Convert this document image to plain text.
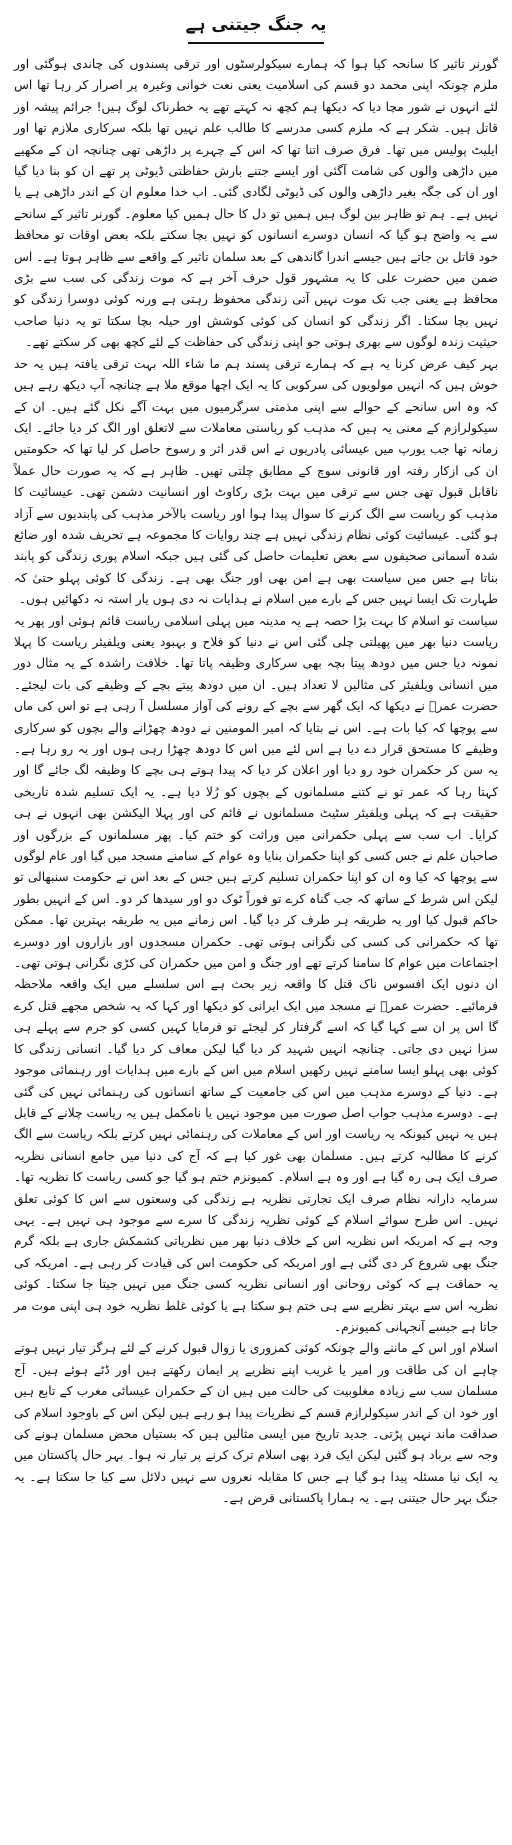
یہ جنگ جیتنی ہے

گورنر تاثیر کا سانحہ کیا ہوا کہ ہمارے سیکولرسٹوں اور ترقی پسندوں کی چاندی ہوگئی اور ملزم چونکہ اپنی محمد دو قسم کی اسلامیت یعنی نعت خوانی وغیرہ پر اصرار کر رہا تھا اس لئے انہوں نے شور مچا دیا کہ دیکھا ہم کچھ نہ کہتے تھے یہ خطرناک لوگ ہیں! جرائم پیشہ اور قاتل ہیں۔ شکر ہے کہ ملزم کسی مدرسے کا طالب علم نہیں تھا بلکہ سرکاری ملازم تھا اور ایلیٹ پولیس میں تھا۔ فرق صرف اتنا تھا کہ اس کے چہرے پر داڑھی تھی چنانچہ ان کے مکھیے میں داڑھی والوں کی شامت آگئی اور ایسے جتنے بارش حفاظتی ڈیوٹی پر تھے ان کو بنا دیا گیا اور ان کی جگہ بغیر داڑھی والوں کی ڈیوٹی لگادی گئی۔ اب خدا معلوم ان کے اندر داڑھی ہے یا نہیں ہے۔ ہم تو ظاہر بین لوگ ہیں ہمیں تو دل کا حال ہمیں کیا معلوم۔ گورنر تاثیر کے سانحے سے یہ واضح ہو گیا کہ انسان دوسرے انسانوں کو نہیں بچا سکتے بلکہ بعض اوقات تو محافظ خود قاتل بن جاتے ہیں جیسے اندرا گاندھی کے بعد سلمان تاثیر کے واقعے سے ظاہر ہوتا ہے۔ اس ضمن میں حضرت علی کا یہ مشہور قول حرف آخر ہے کہ موت زندگی کی سب سے بڑی محافظ ہے یعنی جب تک موت نہیں آتی زندگی محفوظ رہتی ہے ورنہ کوئی دوسرا زندگی کو نہیں بچا سکتا۔ اگر زندگی کو انسان کی کوئی کوشش اور حیلہ بچا سکتا تو یہ دنیا صاحب حیثیت زندہ لوگوں سے بھری ہوتی جو اپنی زندگی کی حفاظت کے لئے کچھ بھی کر سکتے تھے۔

بہر کیف عرض کرنا یہ ہے کہ ہمارے ترقی پسند ہم ما شاء اللہ بہت ترقی یافتہ ہیں یہ حد خوش ہیں کہ انہیں مولویوں کی سرکوبی کا یہ ایک اچھا موقع ملا ہے چنانچہ آپ دیکھ رہے ہیں کہ وہ اس سانحے کے حوالے سے اپنی مذمتی سرگرمیوں میں بہت آگے نکل گئے ہیں۔ ان کے سیکولرازم کے معنی یہ ہیں کہ مذہب کو ریاستی معاملات سے لاتعلق اور الگ کر دیا جائے۔ ایک زمانہ تھا جب یورپ میں عیسائی پادریوں نے اس قدر اثر و رسوخ حاصل کر لیا تھا کہ حکومتیں ان کی ازکار رفتہ اور قانونی سوچ کے مطابق چلتی تھیں۔ ظاہر ہے کہ یہ صورت حال عملاً ناقابل قبول تھی جس سے ترقی میں بہت بڑی رکاوٹ اور انسانیت دشمن تھی۔ عیسائیت کا مذہب کو ریاست سے الگ کرنے کا سوال پیدا ہوا اور ریاست بالآخر مذہب کی پابندیوں سے آزاد ہو گئی۔ عیسائیت کوئی نظام زندگی نہیں ہے چند روایات کا مجموعہ ہے تحریف شدہ اور ضائع شدہ آسمانی صحیفوں سے بعض تعلیمات حاصل کی گئی ہیں جبکہ اسلام پوری زندگی کو پابند بناتا ہے جس میں سیاست بھی ہے امن بھی اور جنگ بھی ہے۔ زندگی کا کوئی پہلو حتیٰ کہ طہارت تک ایسا نہیں جس کے بارے میں اسلام نے ہدایات نہ دی ہوں یار استہ نہ دکھائیں ہوں۔

سیاست تو اسلام کا بہت بڑا حصہ ہے یہ مدینہ میں پہلی اسلامی ریاست قائم ہوئی اور پھر یہ ریاست دنیا بھر میں پھیلتی چلی گئی اس نے دنیا کو فلاح و بہبود یعنی ویلفیئر ریاست کا پہلا نمونہ دیا جس میں دودھ پیتا بچہ بھی سرکاری وظیفہ پاتا تھا۔ خلافت راشدہ کے یہ مثال دور میں انسانی ویلفیئر کی مثالیں لا تعداد ہیں۔ ان میں دودھ پیتے بچے کے وظیفے کی بات لیجئے۔ حضرت عمرؓ نے دیکھا کہ ایک گھر سے بچے کے رونے کی آواز مسلسل آ رہی ہے تو اس کی ماں سے پوچھا کہ کیا بات ہے۔ اس نے بتایا کہ امیر المومنین نے دودھ چھڑانے والے بچوں کو سرکاری وظیفے کا مستحق قرار دے دیا ہے اس لئے میں اس کا دودھ چھڑا رہی ہوں اور یہ رو رہا ہے۔ یہ سن کر حکمران خود رو دیا اور اعلان کر دیا کہ پیدا ہوتے ہی بچے کا وظیفہ لگ جائے گا اور کہتا رہا کہ عمر تو نے کتنے مسلمانوں کے بچوں کو رُلا دیا ہے۔ یہ ایک تسلیم شدہ تاریخی حقیقت ہے کہ پہلی ویلفیئر سٹیٹ مسلمانوں نے قائم کی اور پہلا الیکشن بھی انہوں نے ہی کرایا۔ اب سب سے پہلی حکمرانی میں وراثت کو ختم کیا۔ پھر مسلمانوں کے بزرگوں اور صاحبان علم نے جس کسی کو اپنا حکمران بنایا وہ عوام کے سامنے مسجد میں گیا اور عام لوگوں سے پوچھا کہ کیا وہ ان کو اپنا حکمران تسلیم کرتے ہیں جس کے بعد اس نے حکومت سنبھالی تو لیکن اس شرط کے ساتھ کہ جب گناہ کرے تو فوراً ٹوک دو اور سیدھا کر دو۔ اس کے انہیں بطور حاکم قبول کیا اور یہ طریقہ ہر طرف کر دیا گیا۔ اس زمانے میں یہ طریقہ بہترین تھا۔ ممکن تھا کہ حکمرانی کی کسی کی نگرانی ہوتی تھی۔ حکمران مسجدوں اور بازاروں اور دوسرے اجتماعات میں عوام کا سامنا کرتے تھے اور جنگ و امن میں حکمران کی کڑی نگرانی ہوتی تھی۔ ان دنوں ایک افسوس ناک قتل کا واقعہ زیر بحث ہے اس سلسلے میں ایک واقعہ ملاحظہ فرمائیے۔ حضرت عمرؓ نے مسجد میں ایک ایرانی کو دیکھا اور کہا کہ یہ شخص مجھے قتل کرے گا اس پر ان سے کہا گیا کہ اسے گرفتار کر لیجئے تو فرمایا کہیں کسی کو جرم سے پہلے ہی سزا نہیں دی جاتی۔ چنانچہ انہیں شہید کر دیا گیا لیکن معاف کر دیا گیا۔ انسانی زندگی کا کوئی بھی پہلو ایسا سامنے نہیں رکھیں اسلام میں اس کے بارے میں ہدایات اور رہنمائی موجود ہے۔ دنیا کے دوسرے مذہب میں اس کی جامعیت کے ساتھ انسانوں کی رہنمائی نہیں کی گئی ہے۔ دوسرے مذہب جواب اصل صورت میں موجود نہیں یا نامکمل ہیں یہ ریاست چلانے کے قابل ہیں یہ نہیں کیونکہ یہ ریاست اور اس کے معاملات کی رہنمائی نہیں کرتے بلکہ ریاست سے الگ کرنے کا مطالبہ کرتے ہیں۔ مسلمان بھی غور کیا ہے کہ آج کی دنیا میں جامع انسانی نظریہ صرف ایک ہی رہ گیا ہے اور وہ ہے اسلام۔ کمیونزم ختم ہو گیا جو کسی ریاست کا نظریہ تھا۔ سرمایہ دارانہ نظام صرف ایک تجارتی نظریہ ہے زندگی کی وسعتوں سے اس کا کوئی تعلق نہیں۔ اس طرح سوائے اسلام کے کوئی نظریہ زندگی کا سرے سے موجود ہی نہیں ہے۔ یہی وجہ ہے کہ امریکہ اس نظریہ اس کے خلاف دنیا بھر میں نظریاتی کشمکش جاری ہے بلکہ گرم جنگ بھی شروع کر دی گئی ہے اور امریکہ کی حکومت اس کی قیادت کر رہی ہے۔ امریکہ کی یہ حماقت ہے کہ کوئی روحانی اور انسانی نظریہ کسی جنگ میں نہیں جیتا جا سکتا۔ کوئی نظریہ اس سے بہتر نظریے سے ہی ختم ہو سکتا ہے یا کوئی غلط نظریہ خود ہی اپنی موت مر جاتا ہے جیسے آنجہانی کمیونزم۔

اسلام اور اس کے ماننے والے چونکہ کوئی کمزوری یا زوال قبول کرنے کے لئے ہرگز تیار نہیں ہوتے چاہے ان کی طاقت ور امیر یا غریب اپنے نظریے پر ایمان رکھتے ہیں اور ڈٹے ہوئے ہیں۔ آج مسلمان سب سے زیادہ مغلوبیت کی حالت میں ہیں ان کے حکمران عیسائی مغرب کے تابع ہیں اور خود ان کے اندر سیکولرازم قسم کے نظریات پیدا ہو رہے ہیں لیکن اس کے باوجود اسلام کی صداقت ماند نہیں پڑتی۔ جدید تاریخ میں ایسی مثالیں ہیں کہ بستیاں محض مسلمان ہونے کی وجہ سے برباد ہو گئیں لیکن ایک فرد بھی اسلام ترک کرنے پر تیار نہ ہوا۔ بہر حال پاکستان میں یہ ایک نیا مسئلہ پیدا ہو گیا ہے جس کا مقابلہ نعروں سے نہیں دلائل سے کیا جا سکتا ہے۔ یہ جنگ بہر حال جیتنی ہے۔ یہ ہمارا پاکستانی قرض ہے۔
